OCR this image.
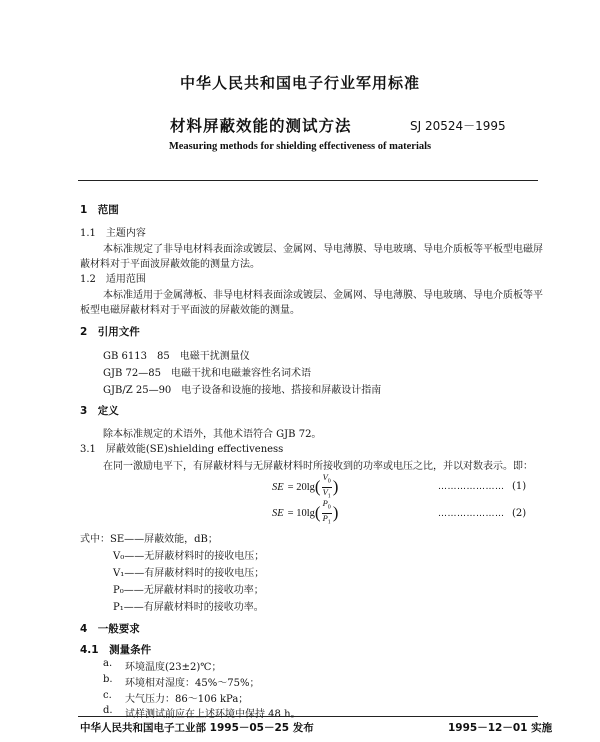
中华人民共和国电子行业军用标准
材料屏蔽效能的测试方法	SJ 20524－1995
Measuring methods for shielding effectiveness of materials
1　范围
1.1　主题内容
本标准规定了非导电材料表面涂或镀层、金属网、导电薄膜、导电玻璃、导电介质板等平板型电磁屏
蔽材料对于平面波屏蔽效能的测量方法。
1.2　适用范围
本标准适用于金属薄板、非导电材料表面涂或镀层、金属网、导电薄膜、导电玻璃、导电介质板等平
板型电磁屏蔽材料对于平面波的屏蔽效能的测量。
2　引用文件
GB 6113　85　电磁干扰测量仪
GJB 72—85　电磁干扰和电磁兼容性名词术语
GJB/Z 25—90　电子设备和设施的接地、搭接和屏蔽设计指南
3　定义
除本标准规定的术语外，其他术语符合 GJB 72。
3.1　屏蔽效能(SE)shielding effectiveness
在同一激励电平下，有屏蔽材料与无屏蔽材料时所接收到的功率或电压之比，并以对数表示。即：
SE = 20lg ( $\frac{V_0}{V_1}$ )	………………… (1)
SE = 10lg ( $\frac{P_0}{P_1}$ )	………………… (2)
式中：SE——屏蔽效能，dB；
V₀——无屏蔽材料时的接收电压；
V₁——有屏蔽材料时的接收电压；
P₀——无屏蔽材料时的接收功率；
P₁——有屏蔽材料时的接收功率。
4　一般要求
4.1　测量条件
a. 环境温度(23±2)℃；
b. 环境相对湿度：45%～75%；
c. 大气压力：86～106 kPa；
d. 试样测试前应在上述环境中保持 48 h。
中华人民共和国电子工业部 1995－05－25 发布	1995－12－01 实施
